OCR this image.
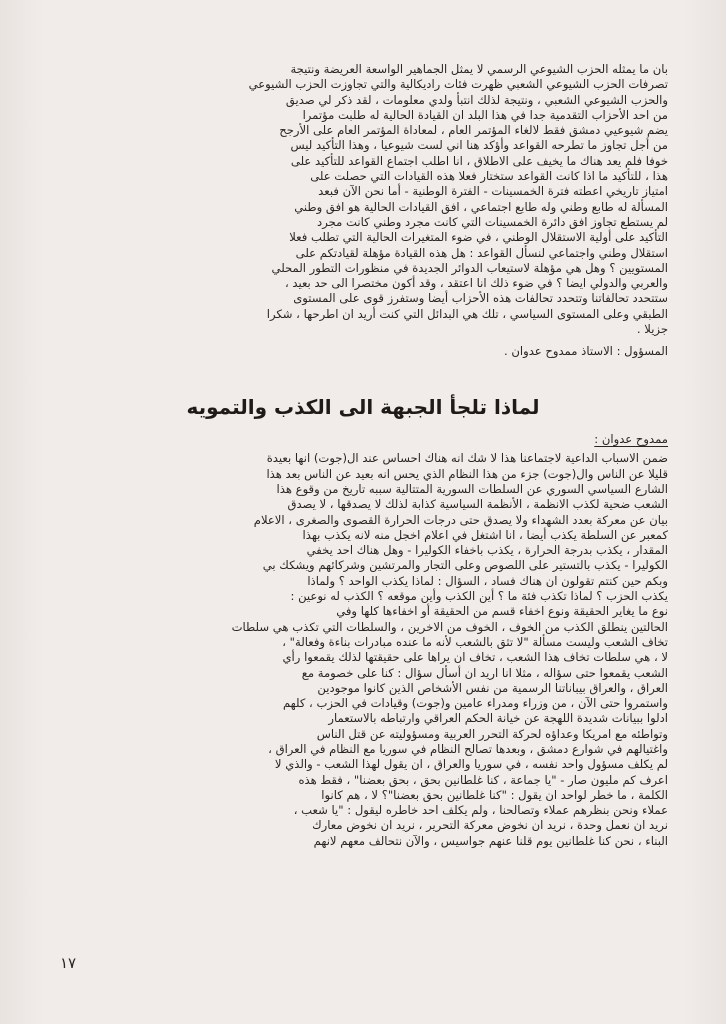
بان ما يمثله الحزب الشيوعي الرسمي لا يمثل الجماهير الواسعة العريضة ونتيجة

تصرفات الحزب الشيوعي الشعبي ظهرت فئات راديكالية والتي تجاوزت الحزب الشيوعي

والحزب الشيوعي الشعبي ، ونتيجة لذلك انتبأ ولدي معلومات ، لقد ذكر لي صديق

من احد الأحزاب التقدمية جدا في هذا البلد ان القيادة الحالية له طلبت مؤتمرا

يضم شيوعيي دمشق فقط لالغاء المؤتمر العام ، لمعاداة المؤتمر العام على الأرجح

من أجل تجاوز ما تطرحه القواعد وأؤكد هنا اني لست شيوعيا ، وهذا التأكيد ليس

خوفا فلم يعد هناك ما يخيف على الاطلاق ، انا اطلب اجتماع القواعد للتأكيد على

هذا ، للتأكيد ما اذا كانت القواعد ستختار فعلا هذه القيادات التي حصلت على

امتياز تاريخي اعطته فترة الخمسينات - الفترة الوطنية - أما نحن الآن فبعد

المسألة له طابع وطني وله طابع اجتماعي ، افق القيادات الحالية هو افق وطني

لم يستطع تجاوز افق دائرة الخمسينات التي كانت مجرد وطني كانت مجرد

التأكيد على أولية الاستقلال الوطني ، في ضوء المتغيرات الحالية التي تطلب فعلا

استقلال وطني واجتماعي لنسأل القواعد : هل هذه القيادة مؤهلة لقيادتكم على

المستويين ؟ وهل هي مؤهلة لاستيعاب الدوائر الجديدة في منظورات التطور المحلي

والعربي والدولي ايضا ؟ في ضوء ذلك انا اعتقد ، وقد أكون مختصرا الى حد بعيد ،

ستتحدد تحالفاتنا وتتحدد تحالفات هذه الأحزاب أيضا وستفرز قوى على المستوى

الطبقي وعلى المستوى السياسي ، تلك هي البدائل التي كنت أريد ان اطرحها ، شكرا

جزيلا .

المسؤول : الاستاذ ممدوح عدوان .

لماذا تلجأ الجبهة الى الكذب والتمويه

ممدوح عدوان :

ضمن الاسباب الداعية لاجتماعنا هذا لا شك انه هناك احساس عند ال(جوت) انها بعيدة

قليلا عن الناس وال(جوت) جزء من هذا النظام الذي يحس انه بعيد عن الناس بعد هذا

الشارع السياسي السوري عن السلطات السورية المتتالية سببه تاريخ من وقوع هذا

الشعب ضحية لكذب الانظمة ، الأنظمة السياسية كذابة لذلك لا يصدقها ، لا يصدق

بيان عن معركة بعدد الشهداء ولا يصدق حتى درجات الحرارة القصوى والصغرى ، الاعلام

كمعبر عن السلطة يكذب أيضا ، انا اشتغل في اعلام اخجل منه لانه يكذب بهذا

المقدار ، يكذب بدرجة الحرارة ، يكذب باخفاء الكوليرا - وهل هناك احد يخفي

الكوليرا - يكذب بالتستير على اللصوص وعلى التجار والمرتشين وشركائهم ويشكك بي

وبكم حين كنتم تقولون ان هناك فساد ، السؤال : لماذا يكذب الواحد ؟ ولماذا

يكذب الحزب ؟ لماذا تكذب فئة ما ؟ أين الكذب وأين موقعه ؟ الكذب له نوعين :

نوع ما يغاير الحقيقة ونوع اخفاء قسم من الحقيقة أو اخفاءها كلها وفي

الحالتين ينطلق الكذب من الخوف ، الخوف من الاخرين ، والسلطات التي تكذب هي سلطات

تخاف الشعب وليست مسألة "لا تثق بالشعب لأنه ما عنده مبادرات بناءة وفعالة" ،

لا ، هي سلطات تخاف هذا الشعب ، تخاف ان يراها على حقيقتها لذلك يقمعوا رأي

الشعب يقمعوا حتى سؤاله ، مثلا انا اريد ان أسأل سؤال : كنا على خصومة مع

العراق ، والعراق بيباناتنا الرسمية من نفس الأشخاص الذين كانوا موجودين

واستمروا حتى الآن ، من وزراء ومدراء عامين و(جوت) وقيادات في الحزب ، كلهم

ادلوا ببيانات شديدة اللهجة عن خيانة الحكم العراقي وارتباطه بالاستعمار

وتواطئه مع امريكا وعداؤه لحركة التحرر العربية ومسؤوليته عن قتل الناس

واغتيالهم في شوارع دمشق ، وبعدها تصالح النظام في سوريا مع النظام في العراق ،

لم يكلف مسؤول واحد نفسه ، في سوريا والعراق ، ان يقول لهذا الشعب - والذي لا

اعرف كم مليون صار - "يا جماعة ، كنا غلطانين بحق ، بحق بعضنا" ، فقط هذه

الكلمة ، ما خطر لواحد ان يقول : "كنا غلطانين بحق بعضنا"؟ لا ، هم كانوا

عملاء ونحن بنظرهم عملاء وتصالحنا ، ولم يكلف احد خاطره ليقول : "يا شعب ،

نريد ان نعمل وحدة ، نريد ان نخوض معركة التحرير ، نريد ان نخوض معارك

البناء ، نحن كنا غلطانين يوم قلنا عنهم جواسيس ، والآن نتحالف معهم لانهم

١٧
